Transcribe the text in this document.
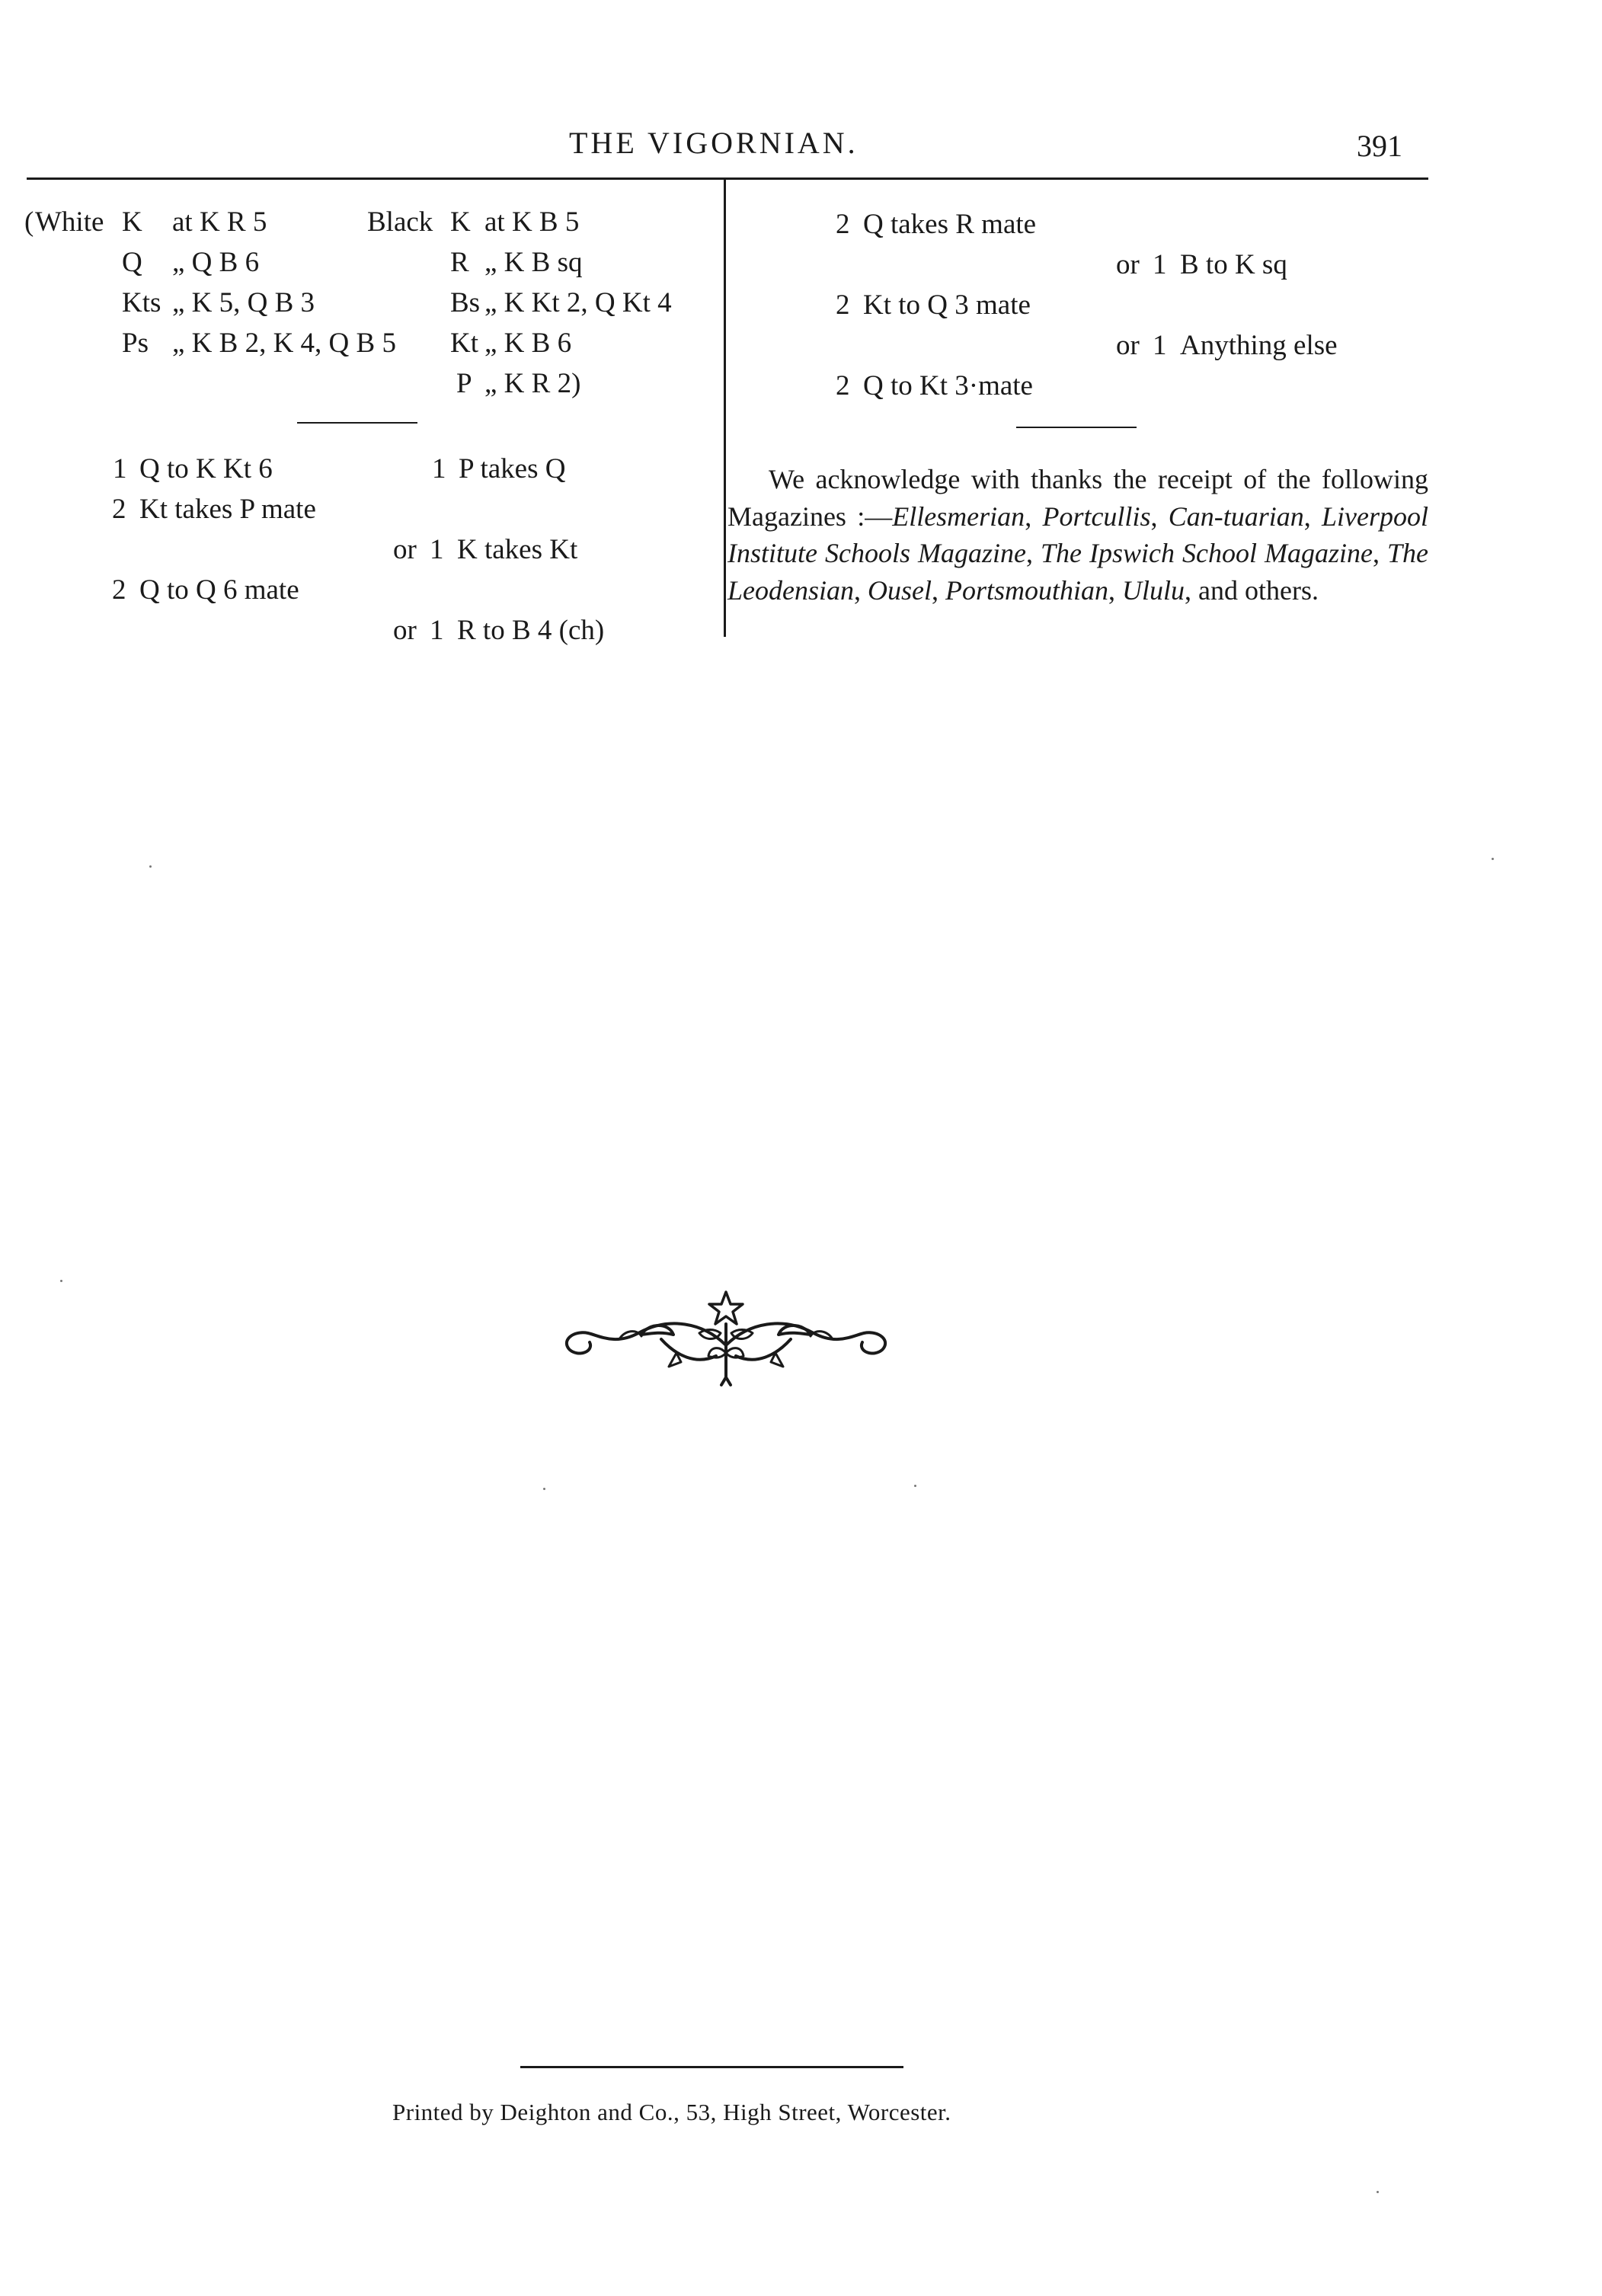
THE VIGORNIAN.	391
( White K at K R 5
Q „ Q B 6
Kts „ K 5, Q B 3
Ps „ K B 2, K 4, Q B 5
Black K at K B 5
R „ K B sq
Bs „ K Kt 2, Q Kt 4
Kt „ K B 6
P „ K R 2)
1 Q to K Kt 6	1 P takes Q
2 Kt takes P mate
or 1 K takes Kt
2 Q to Q 6 mate
or 1 R to B 4 (ch)
2 Q takes R mate
or 1 B to K sq
2 Kt to Q 3 mate
or 1 Anything else
2 Q to Kt 3·mate

  We acknowledge with thanks the receipt of the following Magazines :—Ellesmerian, Portcullis, Can-tuarian, Liverpool Institute Schools Magazine, The Ipswich School Magazine, The Leodensian, Ousel, Portsmouthian, Ululu, and others.

Printed by Deighton and Co., 53, High Street, Worcester.
